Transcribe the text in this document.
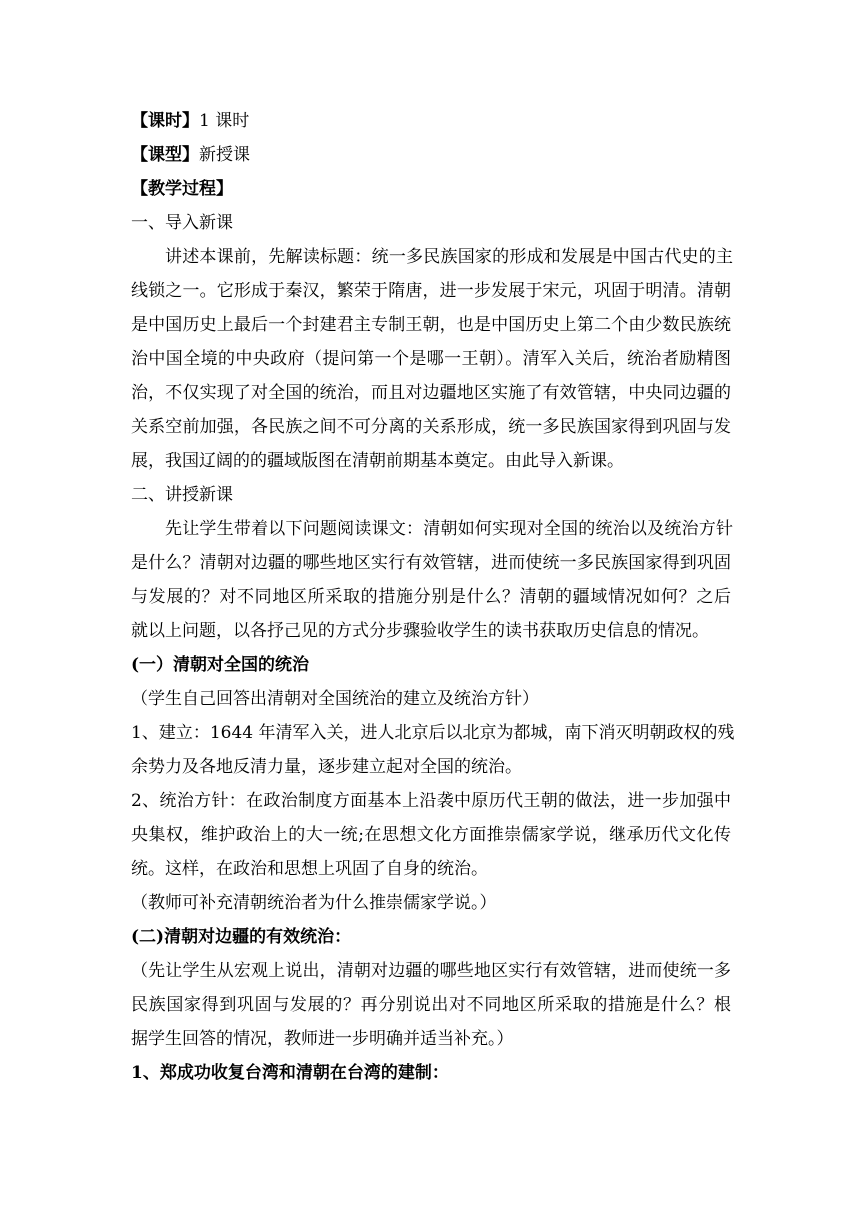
【课时】1 课时
【课型】新授课
【教学过程】
一、导入新课
讲述本课前，先解读标题：统一多民族国家的形成和发展是中国古代史的主
线锁之一。它形成于秦汉，繁荣于隋唐，进一步发展于宋元，巩固于明清。清朝
是中国历史上最后一个封建君主专制王朝，也是中国历史上第二个由少数民族统
治中国全境的中央政府（提问第一个是哪一王朝）。清军入关后，统治者励精图
治，不仅实现了对全国的统治，而且对边疆地区实施了有效管辖，中央同边疆的
关系空前加强，各民族之间不可分离的关系形成，统一多民族国家得到巩固与发
展，我国辽阔的的疆域版图在清朝前期基本奠定。由此导入新课。
二、讲授新课
先让学生带着以下问题阅读课文：清朝如何实现对全国的统治以及统治方针
是什么？清朝对边疆的哪些地区实行有效管辖，进而使统一多民族国家得到巩固
与发展的？对不同地区所采取的措施分别是什么？清朝的疆域情况如何？之后
就以上问题，以各抒己见的方式分步骤验收学生的读书获取历史信息的情况。
(一）清朝对全国的统治
（学生自己回答出清朝对全国统治的建立及统治方针）
1、建立：1644 年清军入关，进人北京后以北京为都城，南下消灭明朝政权的残
余势力及各地反清力量，逐步建立起对全国的统治。
2、统治方针：在政治制度方面基本上沿袭中原历代王朝的做法，进一步加强中
央集权，维护政治上的大一统;在思想文化方面推崇儒家学说，继承历代文化传
统。这样，在政治和思想上巩固了自身的统治。
（教师可补充清朝统治者为什么推崇儒家学说。）
(二)清朝对边疆的有效统治：
（先让学生从宏观上说出，清朝对边疆的哪些地区实行有效管辖，进而使统一多
民族国家得到巩固与发展的？再分别说出对不同地区所采取的措施是什么？根
据学生回答的情况，教师进一步明确并适当补充。）
1、郑成功收复台湾和清朝在台湾的建制：
